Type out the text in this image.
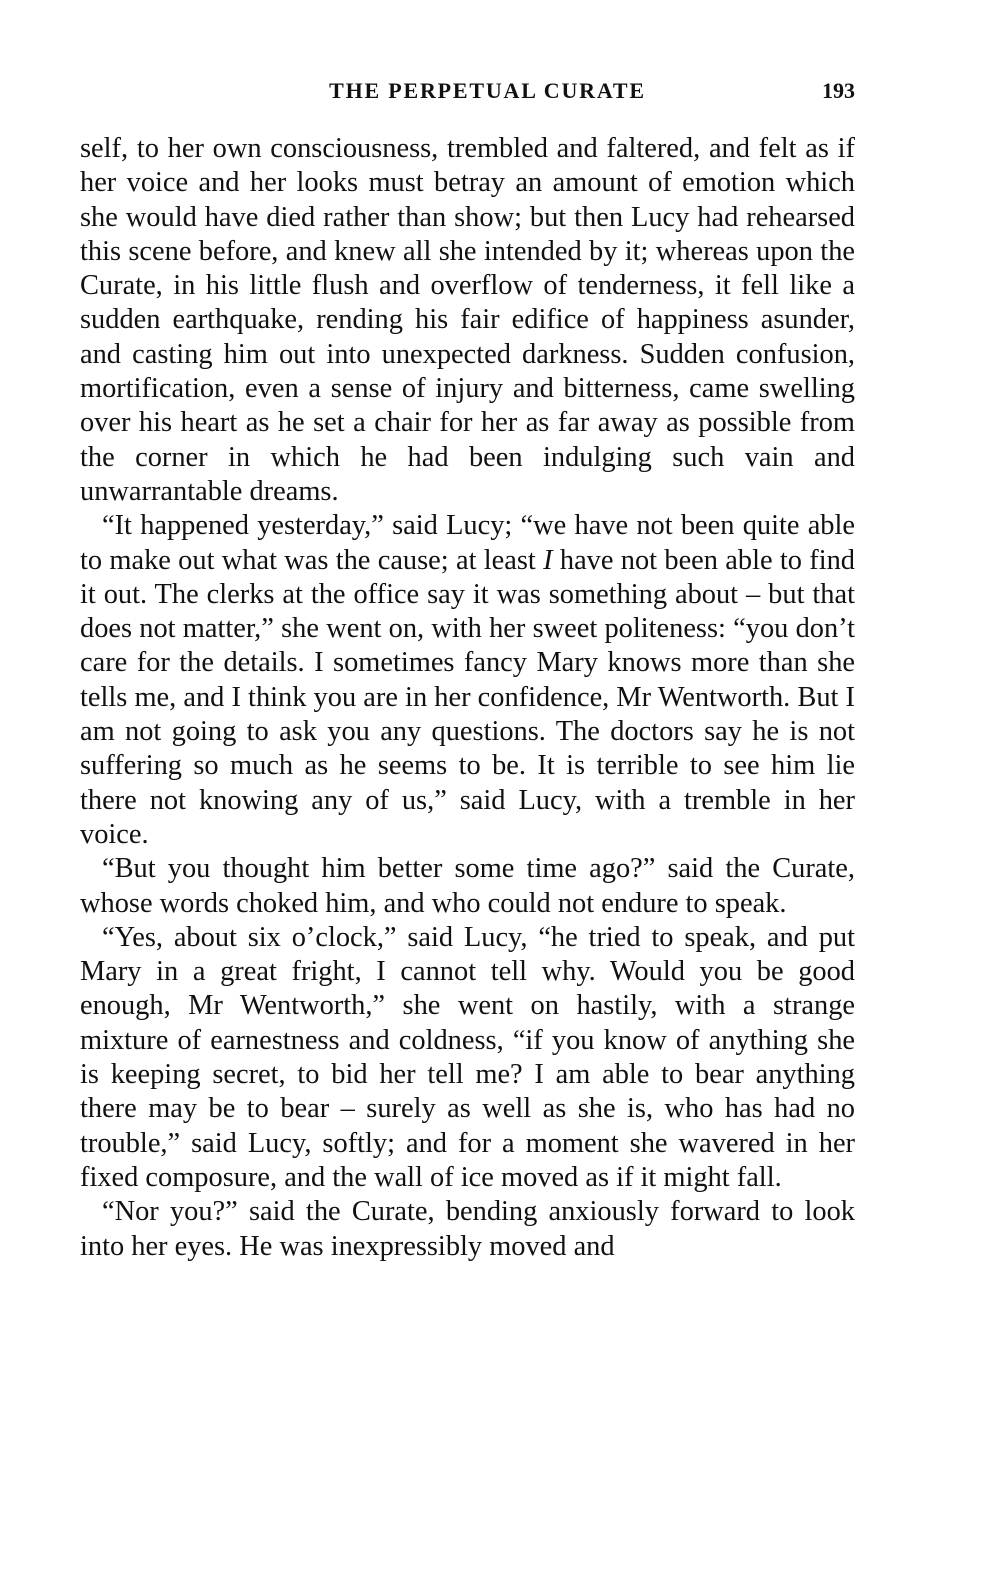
THE PERPETUAL CURATE	193

self, to her own consciousness, trembled and faltered, and felt as if her voice and her looks must betray an amount of emotion which she would have died rather than show; but then Lucy had rehearsed this scene before, and knew all she intended by it; whereas upon the Curate, in his little flush and overflow of tenderness, it fell like a sudden earthquake, rending his fair edifice of happiness asunder, and casting him out into unexpected darkness. Sudden confusion, mortification, even a sense of injury and bitterness, came swelling over his heart as he set a chair for her as far away as possible from the corner in which he had been indulging such vain and unwarrantable dreams.

“It happened yesterday,” said Lucy; “we have not been quite able to make out what was the cause; at least I have not been able to find it out. The clerks at the office say it was something about – but that does not matter,” she went on, with her sweet politeness: “you don’t care for the details. I sometimes fancy Mary knows more than she tells me, and I think you are in her confidence, Mr Wentworth. But I am not going to ask you any questions. The doctors say he is not suffering so much as he seems to be. It is terrible to see him lie there not knowing any of us,” said Lucy, with a tremble in her voice.

“But you thought him better some time ago?” said the Curate, whose words choked him, and who could not endure to speak.

“Yes, about six o’clock,” said Lucy, “he tried to speak, and put Mary in a great fright, I cannot tell why. Would you be good enough, Mr Wentworth,” she went on hastily, with a strange mixture of earnestness and coldness, “if you know of anything she is keeping secret, to bid her tell me? I am able to bear anything there may be to bear – surely as well as she is, who has had no trouble,” said Lucy, softly; and for a moment she wavered in her fixed composure, and the wall of ice moved as if it might fall.

“Nor you?” said the Curate, bending anxiously forward to look into her eyes. He was inexpressibly moved and
